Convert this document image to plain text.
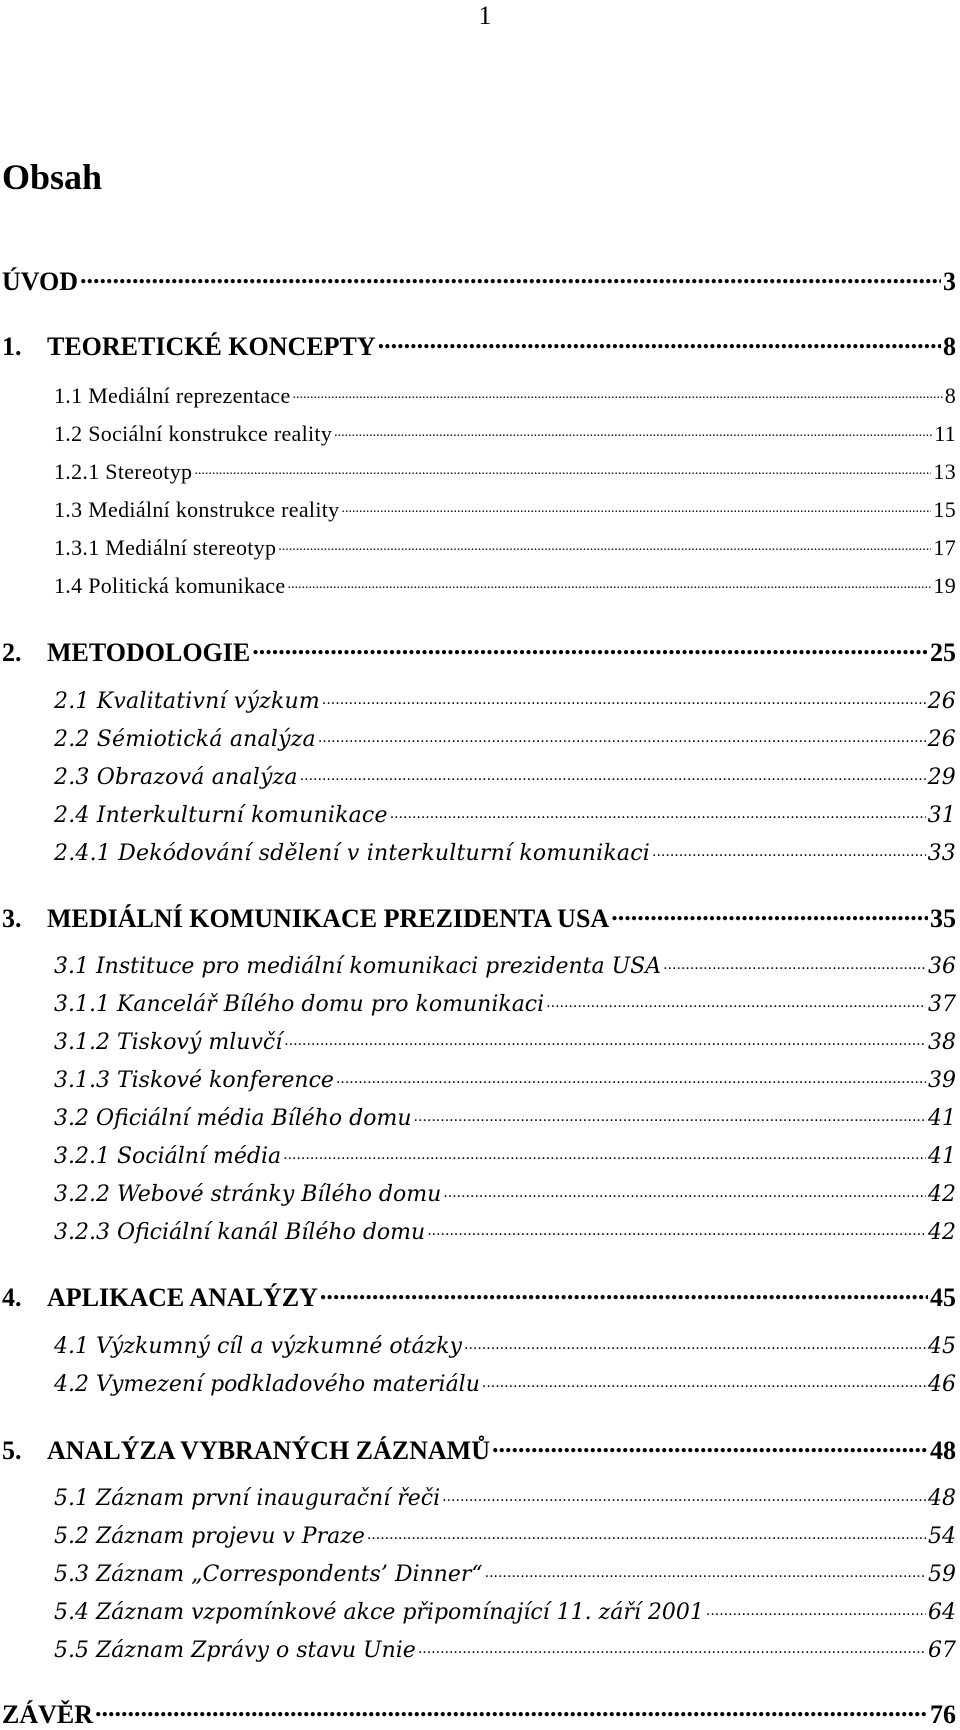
1
Obsah
ÚVOD .....	3
1. TEORETICKÉ KONCEPTY .....	8
1.1 Mediální reprezentace .....	8
1.2 Sociální konstrukce reality .....	11
1.2.1 Stereotyp .....	13
1.3 Mediální konstrukce reality .....	15
1.3.1 Mediální stereotyp .....	17
1.4 Politická komunikace .....	19
2. METODOLOGIE .....	25
2.1 Kvalitativní výzkum .....	26
2.2 Sémiotická analýza .....	26
2.3 Obrazová analýza .....	29
2.4 Interkulturní komunikace .....	31
2.4.1 Dekódování sdělení v interkulturní komunikaci .....	33
3. MEDIÁLNÍ KOMUNIKACE PREZIDENTA USA .....	35
3.1 Instituce pro mediální komunikaci prezidenta USA .....	36
3.1.1 Kancelář Bílého domu pro komunikaci .....	37
3.1.2 Tiskový mluvčí .....	38
3.1.3 Tiskové konference .....	39
3.2 Oficiální média Bílého domu .....	41
3.2.1 Sociální média .....	41
3.2.2 Webové stránky Bílého domu .....	42
3.2.3 Oficiální kanál Bílého domu .....	42
4. APLIKACE ANALÝZY .....	45
4.1 Výzkumný cíl a výzkumné otázky .....	45
4.2 Vymezení podkladového materiálu .....	46
5. ANALÝZA VYBRANÝCH ZÁZNAMŮ .....	48
5.1 Záznam první inaugurační řeči .....	48
5.2 Záznam projevu v Praze .....	54
5.3 Záznam „Correspondents’ Dinner“ .....	59
5.4 Záznam vzpomínkové akce připomínající 11. září 2001 .....	64
5.5 Záznam Zprávy o stavu Unie .....	67
ZÁVĚR .....	76
